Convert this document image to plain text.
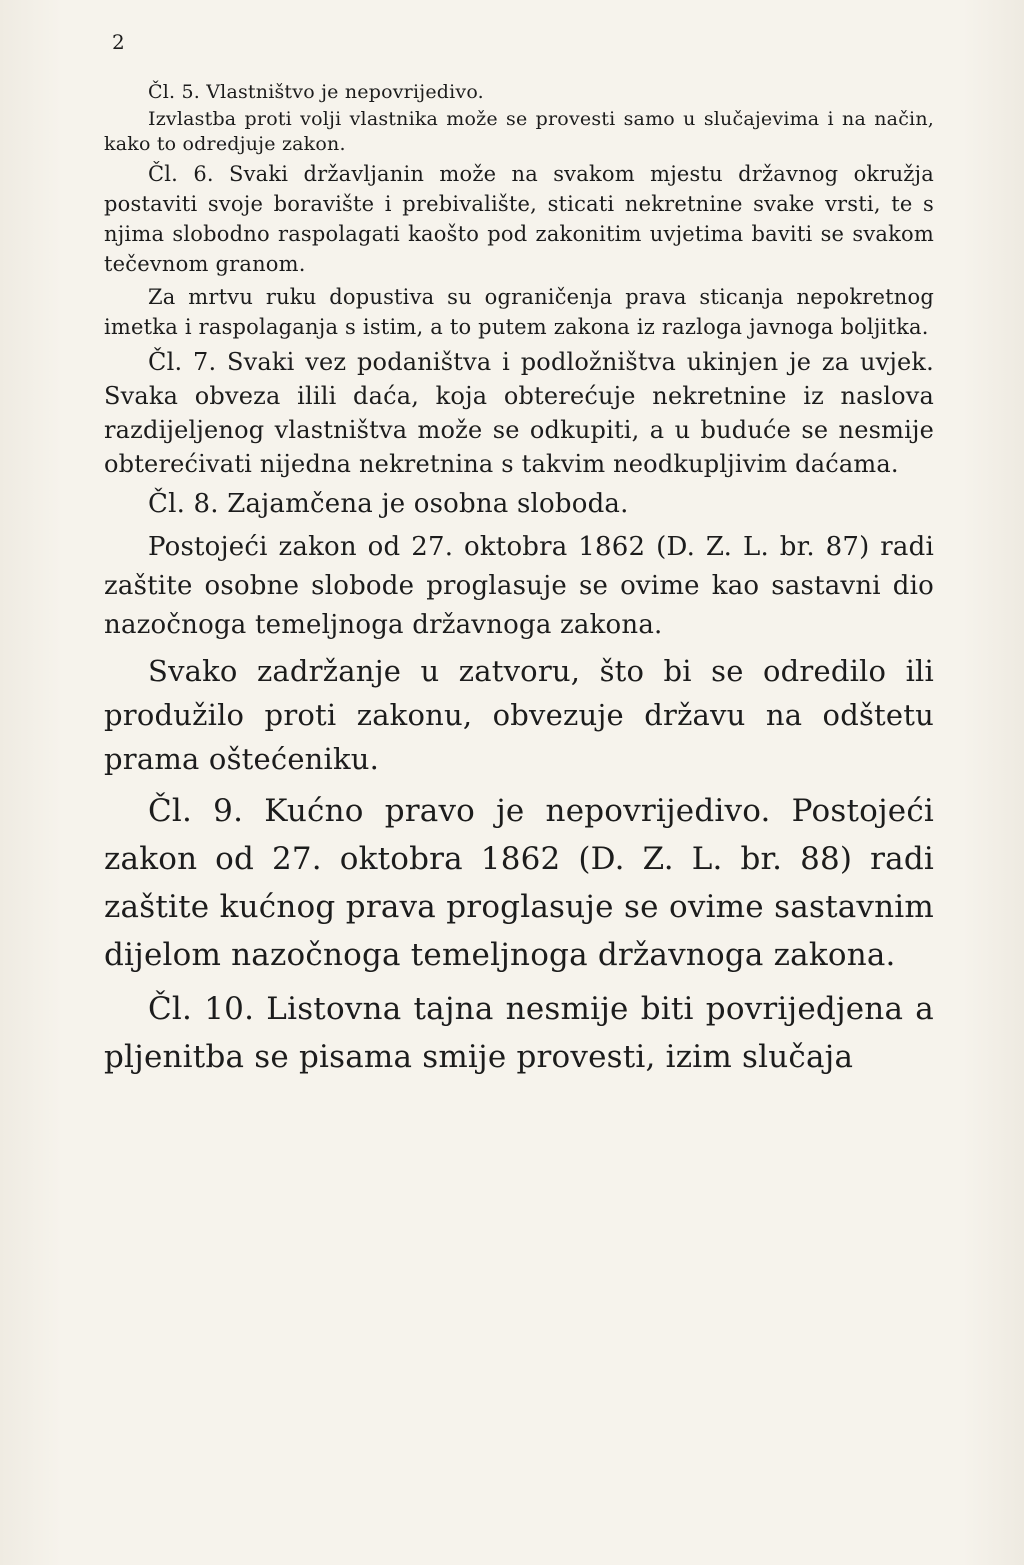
2

Čl. 5. Vlastništvo je nepovrijedivo.

Izvlastba proti volji vlastnika može se provesti samo u slučajevima i na način, kako to odredjuje zakon.

Čl. 6. Svaki državljanin može na svakom mjestu državnog okružja postaviti svoje boravište i prebivalište, sticati nekretnine svake vrsti, te s njima slobodno raspolagati kaošto pod zakonitim uvjetima baviti se svakom tečevnom granom.

Za mrtvu ruku dopustiva su ograničenja prava sticanja nepokretnog imetka i raspolaganja s istim, a to putem zakona iz razloga javnoga boljitka.

Čl. 7. Svaki vez podaništva i podložništva ukinjen je za uvjek. Svaka obveza ilili daća, koja obterećuje nekretnine iz naslova razdijeljenog vlastništva može se odkupiti, a u buduće se nesmije obterećivati nijedna nekretnina s takvim neodkupljivim daćama.

Čl. 8. Zajamčena je osobna sloboda.

Postojeći zakon od 27. oktobra 1862 (D. Z. L. br. 87) radi zaštite osobne slobode proglasuje se ovime kao sastavni dio nazočnoga temeljnoga državnoga zakona.

Svako zadržanje u zatvoru, što bi se odredilo ili produžilo proti zakonu, obvezuje državu na odštetu prama oštećeniku.

Čl. 9. Kućno pravo je nepovrijedivo. Postojeći zakon od 27. oktobra 1862 (D. Z. L. br. 88) radi zaštite kućnog prava proglasuje se ovime sastavnim dijelom nazočnoga temeljnoga državnoga zakona.

Čl. 10. Listovna tajna nesmije biti povrijedjena a pljenitba se pisama smije provesti, izim slučaja
